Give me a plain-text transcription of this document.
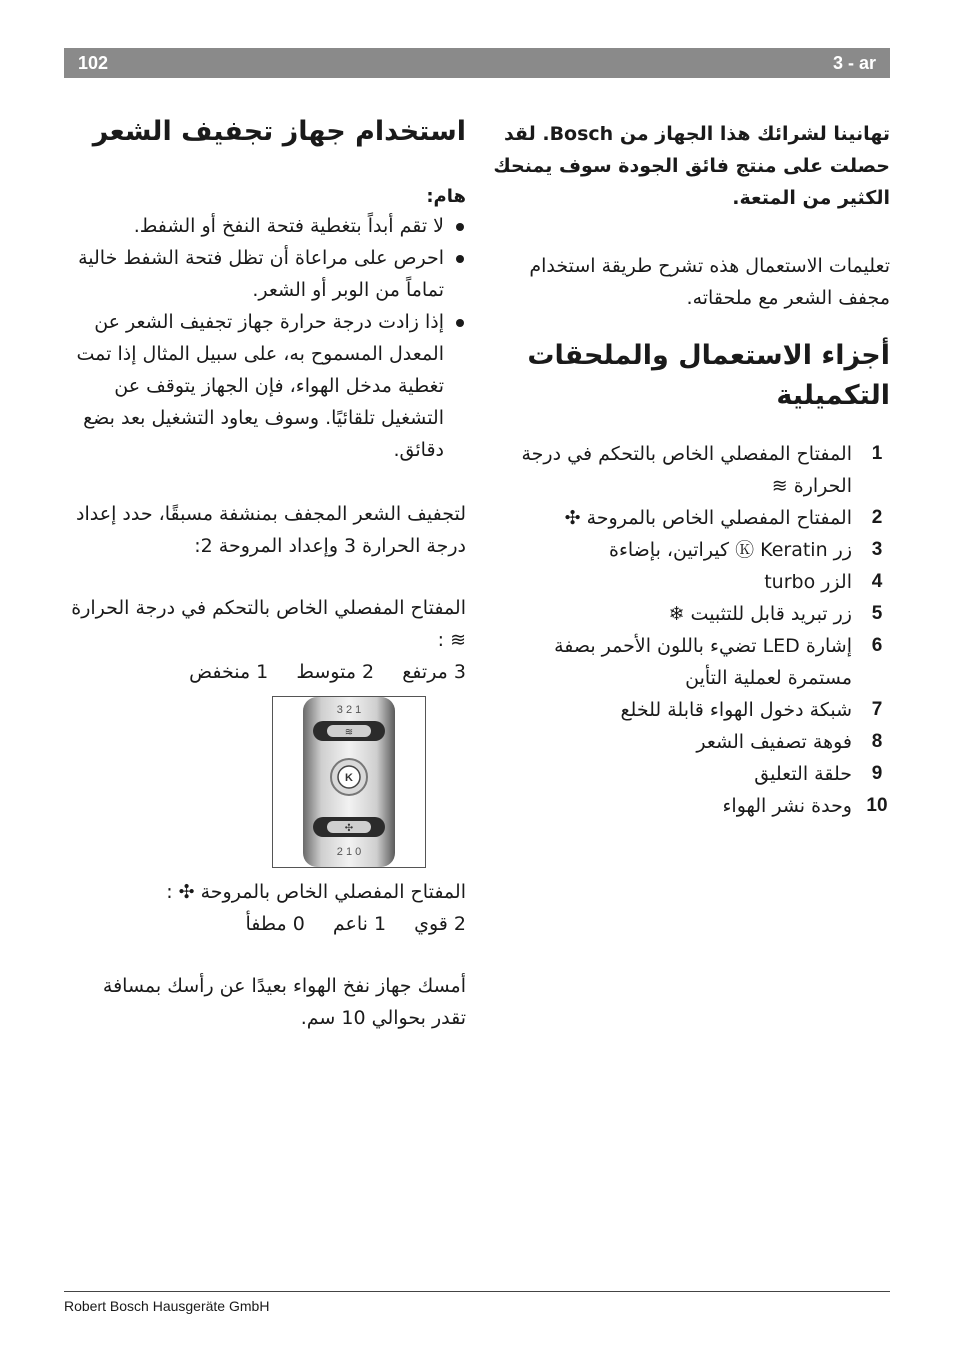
102	3 - ar

تهانينا لشرائك هذا الجهاز من Bosch. لقد حصلت على منتج فائق الجودة سوف يمنحك الكثير من المتعة.

تعليمات الاستعمال هذه تشرح طريقة استخدام مجفف الشعر مع ملحقاته.

أجزاء الاستعمال والملحقات التكميلية
1
المفتاح المفصلي الخاص بالتحكم في درجة الحرارة ≋
2
المفتاح المفصلي الخاص بالمروحة ✣
3
زر Ⓚ Keratin كيراتين، بإضاءة
4
الزر turbo
5
زر تبريد قابل للتثبيت ❄
6
إشارة LED تضيء باللون الأحمر بصفة مستمرة لعملية التأين
7
شبكة دخول الهواء قابلة للخلع
8
فوهة تصفيف الشعر
9
حلقة التعليق
10
وحدة نشر الهواء
استخدام جهاز تجفيف الشعر

هام:

لا تقم أبداً بتغطية فتحة النفخ أو الشفط.
احرص على مراعاة أن تظل فتحة الشفط خالية تماماً من الوبر أو الشعر.
إذا زادت درجة حرارة جهاز تجفيف الشعر عن المعدل المسموح به، على سبيل المثال إذا تمت تغطية مدخل الهواء، فإن الجهاز يتوقف عن التشغيل تلقائيًا. وسوف يعاود التشغيل بعد بضع دقائق.

لتجفيف الشعر المجفف بمنشفة مسبقًا، حدد إعداد درجة الحرارة 3 وإعداد المروحة 2:

المفتاح المفصلي الخاص بالتحكم في درجة الحرارة ≋ :

3 مرتفع 2 متوسط 1 منخفض

1 2 3
≋
K
✣
0 1 2

المفتاح المفصلي الخاص بالمروحة ✣ :

2 قوي 1 ناعم 0 مطفأ

أمسك جهاز نفخ الهواء بعيدًا عن رأسك بمسافة تقدر بحوالي 10 سم.

Robert Bosch Hausgeräte GmbH
